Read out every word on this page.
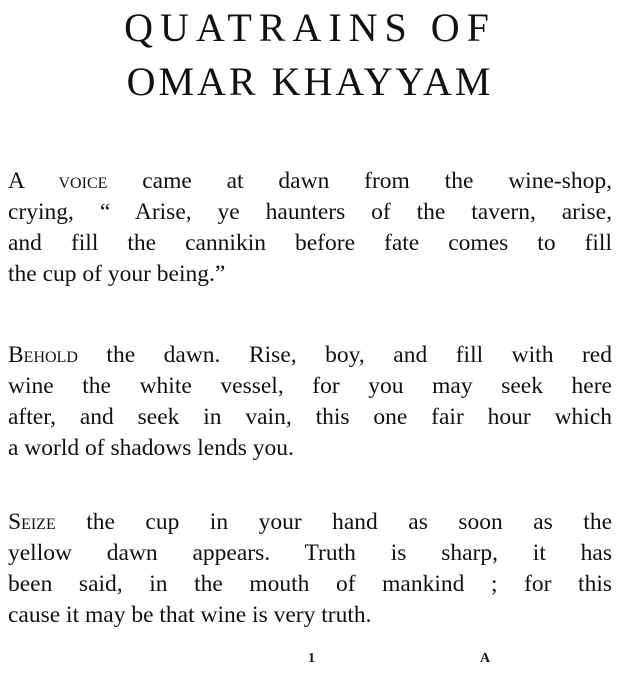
QUATRAINS OF
OMAR KHAYYAM

A voice came at dawn from the wine-shop,
crying, “ Arise, ye haunters of the tavern, arise,
and fill the cannikin before fate comes to fill
the cup of your being.”

Behold the dawn. Rise, boy, and fill with red
wine the white vessel, for you may seek here
after, and seek in vain, this one fair hour which
a world of shadows lends you.

Seize the cup in your hand as soon as the
yellow dawn appears. Truth is sharp, it has
been said, in the mouth of mankind ; for this
cause it may be that wine is very truth.

1	A
